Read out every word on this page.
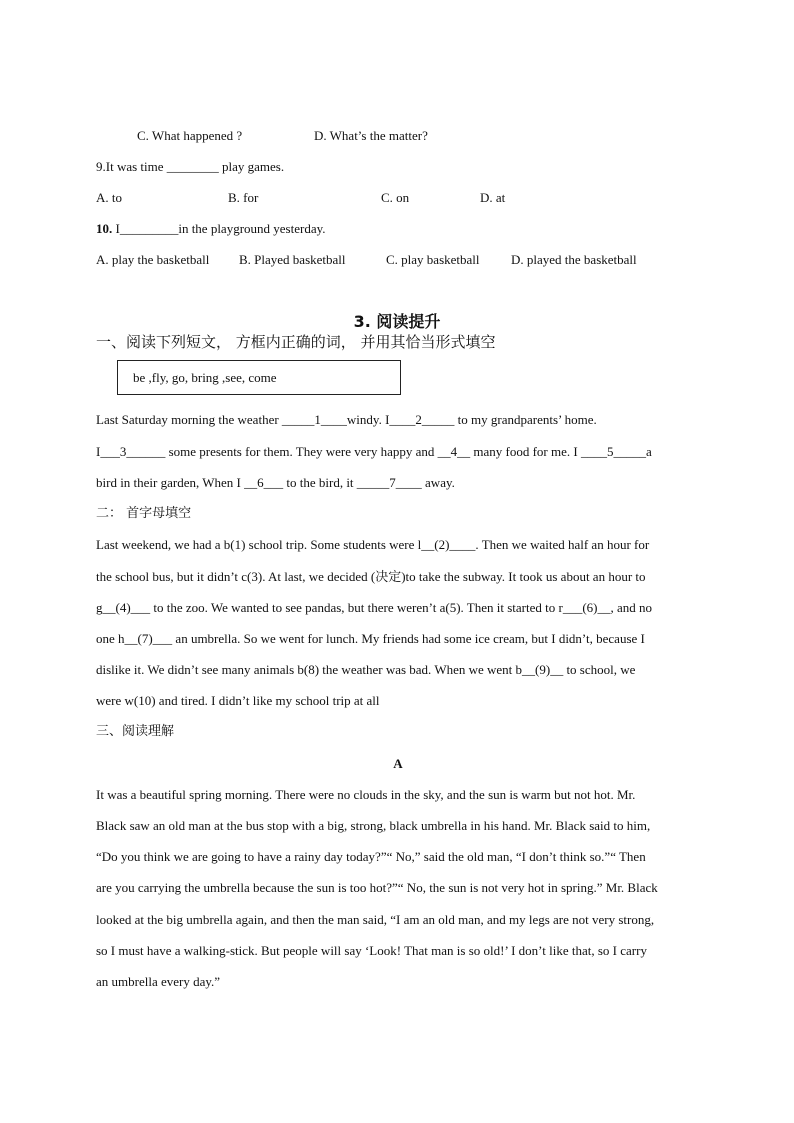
C. What happened ?	D. What’s the matter?
9.It was time ________ play games.
A. to	B. for	C. on	D. at
10. I_________in the playground yesterday.
A. play the basketball B. Played basketball	C. play basketball D. played the basketball
3. 阅读提升
一、阅读下列短文， 方框内正确的词， 并用其恰当形式填空
be ,fly, go, bring ,see, come
Last Saturday morning the weather _____1____windy. I____2_____ to my grandparents’ home.
I___3______ some presents for them. They were very happy and __4__ many food for me. I ____5_____a
bird in their garden, When I __6___ to the bird, it _____7____ away.
二： 首字母填空
Last weekend, we had a b(1) school trip. Some students were l__(2)____. Then we waited half an hour for
the school bus, but it didn’t c(3). At last, we decided (决定)to take the subway. It took us about an hour to
g__(4)___ to the zoo. We wanted to see pandas, but there weren’t a(5). Then it started to r___(6)__, and no
one h__(7)___ an umbrella. So we went for lunch. My friends had some ice cream, but I didn’t, because I
dislike it. We didn’t see many animals b(8) the weather was bad. When we went b__(9)__ to school, we
were w(10) and tired. I didn’t like my school trip at all
三、阅读理解
A
It was a beautiful spring morning. There were no clouds in the sky, and the sun is warm but not hot. Mr.
Black saw an old man at the bus stop with a big, strong, black umbrella in his hand. Mr. Black said to him,
“Do you think we are going to have a rainy day today?”“ No,” said the old man, “I don’t think so.”“ Then
are you carrying the umbrella because the sun is too hot?”“ No, the sun is not very hot in spring.” Mr. Black
looked at the big umbrella again, and then the man said, “I am an old man, and my legs are not very strong,
so I must have a walking-stick. But people will say ‘Look! That man is so old!’ I don’t like that, so I carry
an umbrella every day.”
